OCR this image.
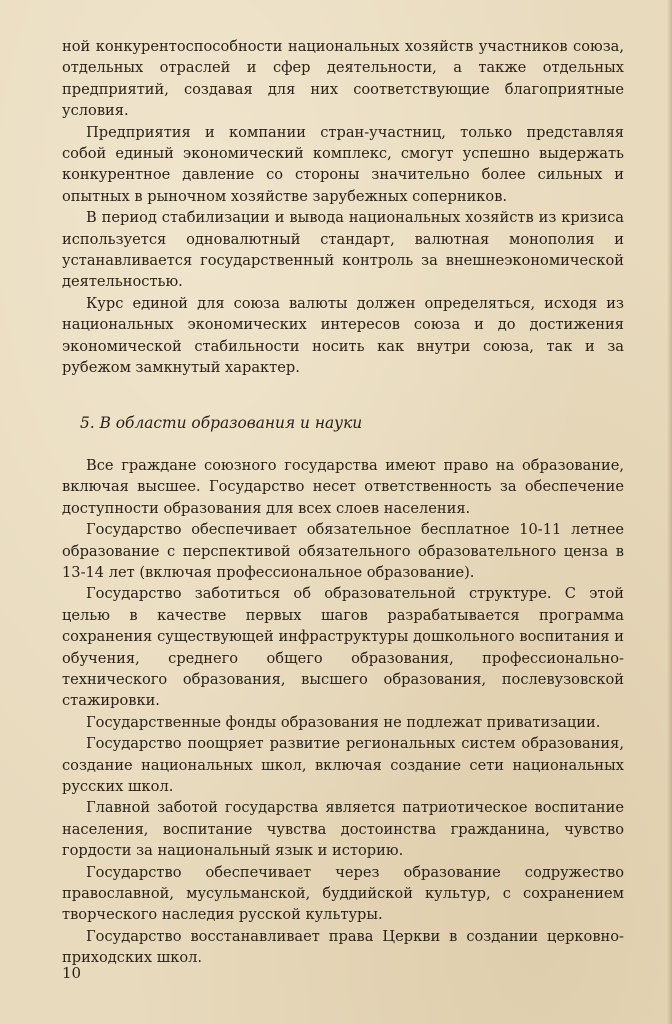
ной конкурентоспособности национальных хозяйств участников союза, отдельных отраслей и сфер деятельности, а также отдельных предприятий, создавая для них соответствующие благоприятные условия.

Предприятия и компании стран-участниц, только представляя собой единый экономический комплекс, смогут успешно выдержать конкурентное давление со стороны значительно более сильных и опытных в рыночном хозяйстве зарубежных соперников.

В период стабилизации и вывода национальных хозяйств из кризиса используется одновалютный стандарт, валютная монополия и устанавливается государственный контроль за внешнеэкономической деятельностью.

Курс единой для союза валюты должен определяться, исходя из национальных экономических интересов союза и до достижения экономической стабильности носить как внутри союза, так и за рубежом замкнутый характер.

5. В области образования и науки

Все граждане союзного государства имеют право на образование, включая высшее. Государство несет ответственность за обеспечение доступности образования для всех слоев населения.

Государство обеспечивает обязательное бесплатное 10-11 летнее образование с перспективой обязательного образовательного ценза в 13-14 лет (включая профессиональное образование).

Государство заботиться об образовательной структуре. С этой целью в качестве первых шагов разрабатывается программа сохранения существующей инфраструктуры дошкольного воспитания и обучения, среднего общего образования, профессионально-технического образования, высшего образования, послевузовской стажировки.

Государственные фонды образования не подлежат приватизации.

Государство поощряет развитие региональных систем образования, создание национальных школ, включая создание сети национальных русских школ.

Главной заботой государства является патриотическое воспитание населения, воспитание чувства достоинства гражданина, чувство гордости за национальный язык и историю.

Государство обеспечивает через образование содружество православной, мусульманской, буддийской культур, с сохранением творческого наследия русской культуры.

Государство восстанавливает права Церкви в создании церковно-приходских школ.

10
